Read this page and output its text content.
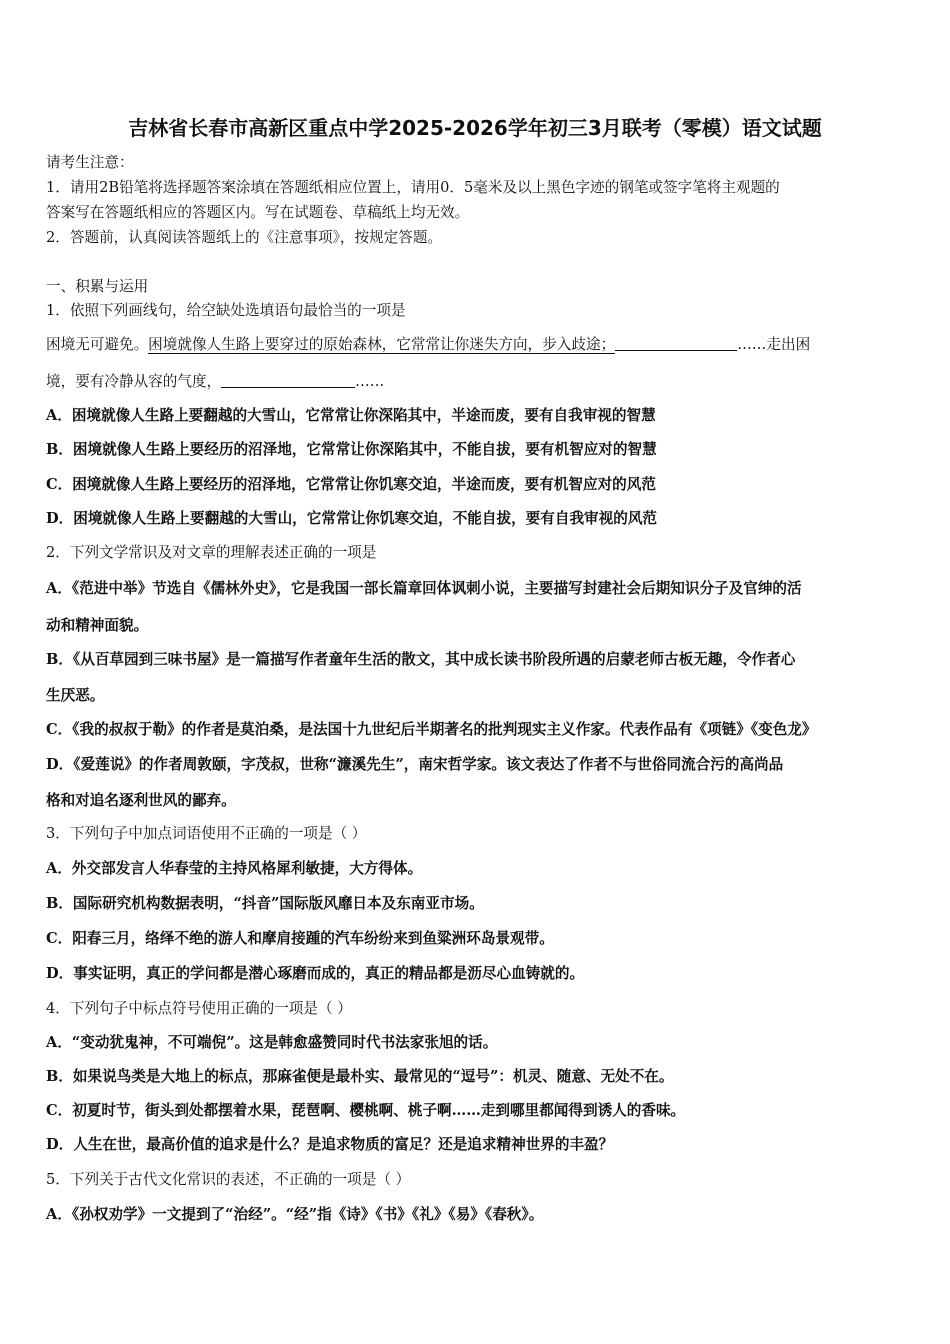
吉林省长春市高新区重点中学2025-2026学年初三3月联考（零模）语文试题
请考生注意：
1．请用2B铅笔将选择题答案涂填在答题纸相应位置上，请用0．5毫米及以上黑色字迹的钢笔或签字笔将主观题的
答案写在答题纸相应的答题区内。写在试题卷、草稿纸上均无效。
2．答题前，认真阅读答题纸上的《注意事项》，按规定答题。
一、积累与运用
1．依照下列画线句，给空缺处选填语句最恰当的一项是
困境无可避免。困境就像人生路上要穿过的原始森林，它常常让你迷失方向，步入歧途；	……走出困
境，要有冷静从容的气度，	……
A．困境就像人生路上要翻越的大雪山，它常常让你深陷其中，半途而废，要有自我审视的智慧
B．困境就像人生路上要经历的沼泽地，它常常让你深陷其中，不能自拔，要有机智应对的智慧
C．困境就像人生路上要经历的沼泽地，它常常让你饥寒交迫，半途而废，要有机智应对的风范
D．困境就像人生路上要翻越的大雪山，它常常让你饥寒交迫，不能自拔，要有自我审视的风范
2．下列文学常识及对文章的理解表述正确的一项是
A．《范进中举》节选自《儒林外史》，它是我国一部长篇章回体讽刺小说，主要描写封建社会后期知识分子及官绅的活
动和精神面貌。
B．《从百草园到三味书屋》是一篇描写作者童年生活的散文，其中成长读书阶段所遇的启蒙老师古板无趣，令作者心
生厌恶。
C．《我的叔叔于勒》的作者是莫泊桑，是法国十九世纪后半期著名的批判现实主义作家。代表作品有《项链》《变色龙》
D．《爱莲说》的作者周敦颐，字茂叔，世称“濂溪先生”，南宋哲学家。该文表达了作者不与世俗同流合污的高尚品
格和对追名逐利世风的鄙弃。
3．下列句子中加点词语使用不正确的一项是（ ）
A．外交部发言人华春莹的主持风格犀利敏捷，大方得体。
B．国际研究机构数据表明，“抖音”国际版风靡日本及东南亚市场。
C．阳春三月，络绎不绝的游人和摩肩接踵的汽车纷纷来到鱼粱洲环岛景观带。
D．事实证明，真正的学问都是潜心琢磨而成的，真正的精品都是沥尽心血铸就的。
4．下列句子中标点符号使用正确的一项是（ ）
A．“变动犹鬼神，不可端倪”。这是韩愈盛赞同时代书法家张旭的话。
B．如果说鸟类是大地上的标点，那麻雀便是最朴实、最常见的“逗号”：机灵、随意、无处不在。
C．初夏时节，街头到处都摆着水果，琵琶啊、樱桃啊、桃子啊……走到哪里都闻得到诱人的香味。
D．人生在世，最高价值的追求是什么？是追求物质的富足？还是追求精神世界的丰盈？
5．下列关于古代文化常识的表述，不正确的一项是（ ）
A．《孙权劝学》一文提到了“治经”。“经”指《诗》《书》《礼》《易》《春秋》。
